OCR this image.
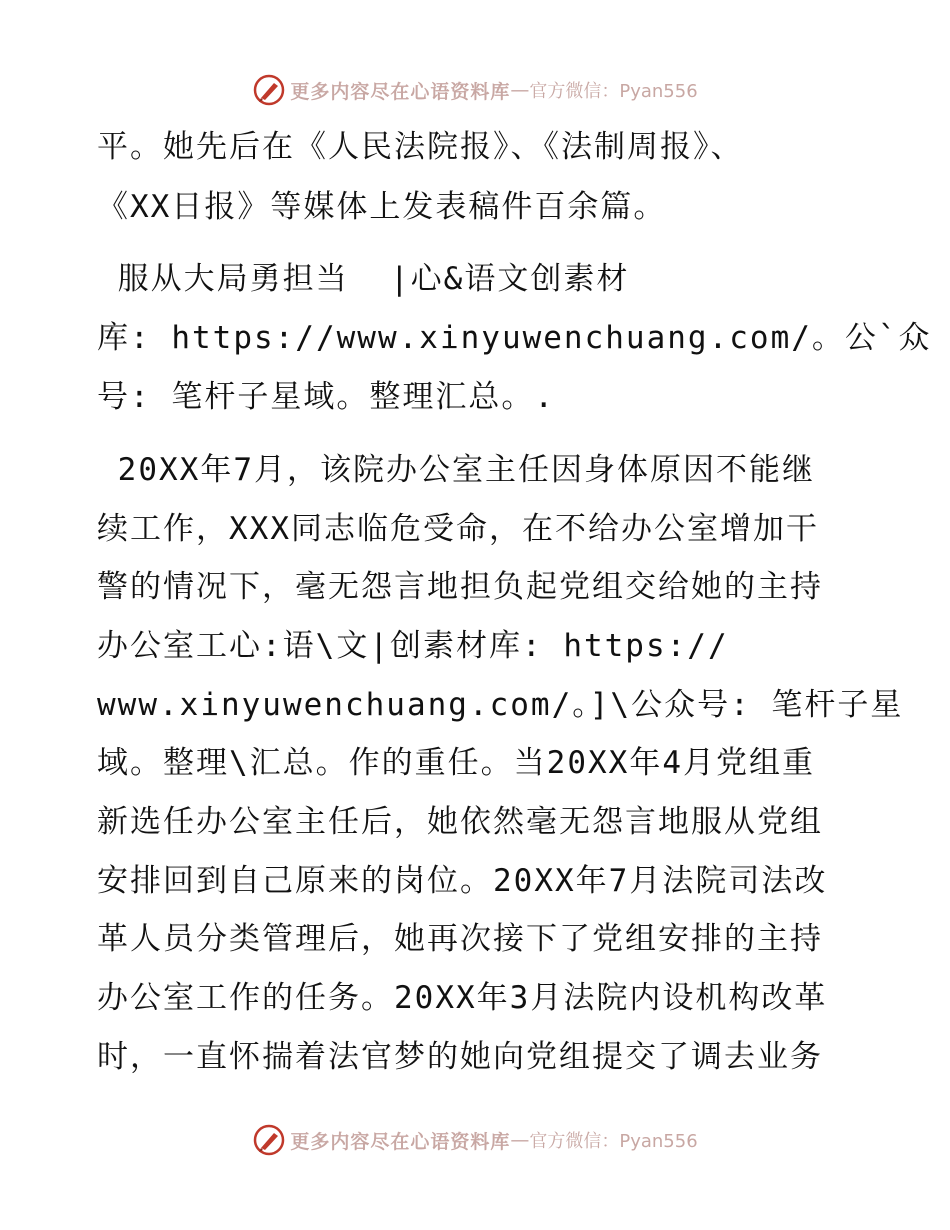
更多内容尽在心语资料库 — 官方微信：Pyan556
平。她先后在《人民法院报》、《法制周报》、
《XX日报》等媒体上发表稿件百余篇。
服从大局勇担当  |心&语文创素材
库: https://www.xinyuwenchuang.com/。公`众
号: 笔杆子星域。整理汇总。.
20XX年7月，该院办公室主任因身体原因不能继
续工作，XXX同志临危受命，在不给办公室增加干
警的情况下，毫无怨言地担负起党组交给她的主持
办公室工心:语\文|创素材库: https://
www.xinyuwenchuang.com/。]\公众号: 笔杆子星
域。整理\汇总。作的重任。当20XX年4月党组重
新选任办公室主任后，她依然毫无怨言地服从党组
安排回到自己原来的岗位。20XX年7月法院司法改
革人员分类管理后，她再次接下了党组安排的主持
办公室工作的任务。20XX年3月法院内设机构改革
时，一直怀揣着法官梦的她向党组提交了调去业务
更多内容尽在心语资料库 — 官方微信：Pyan556
